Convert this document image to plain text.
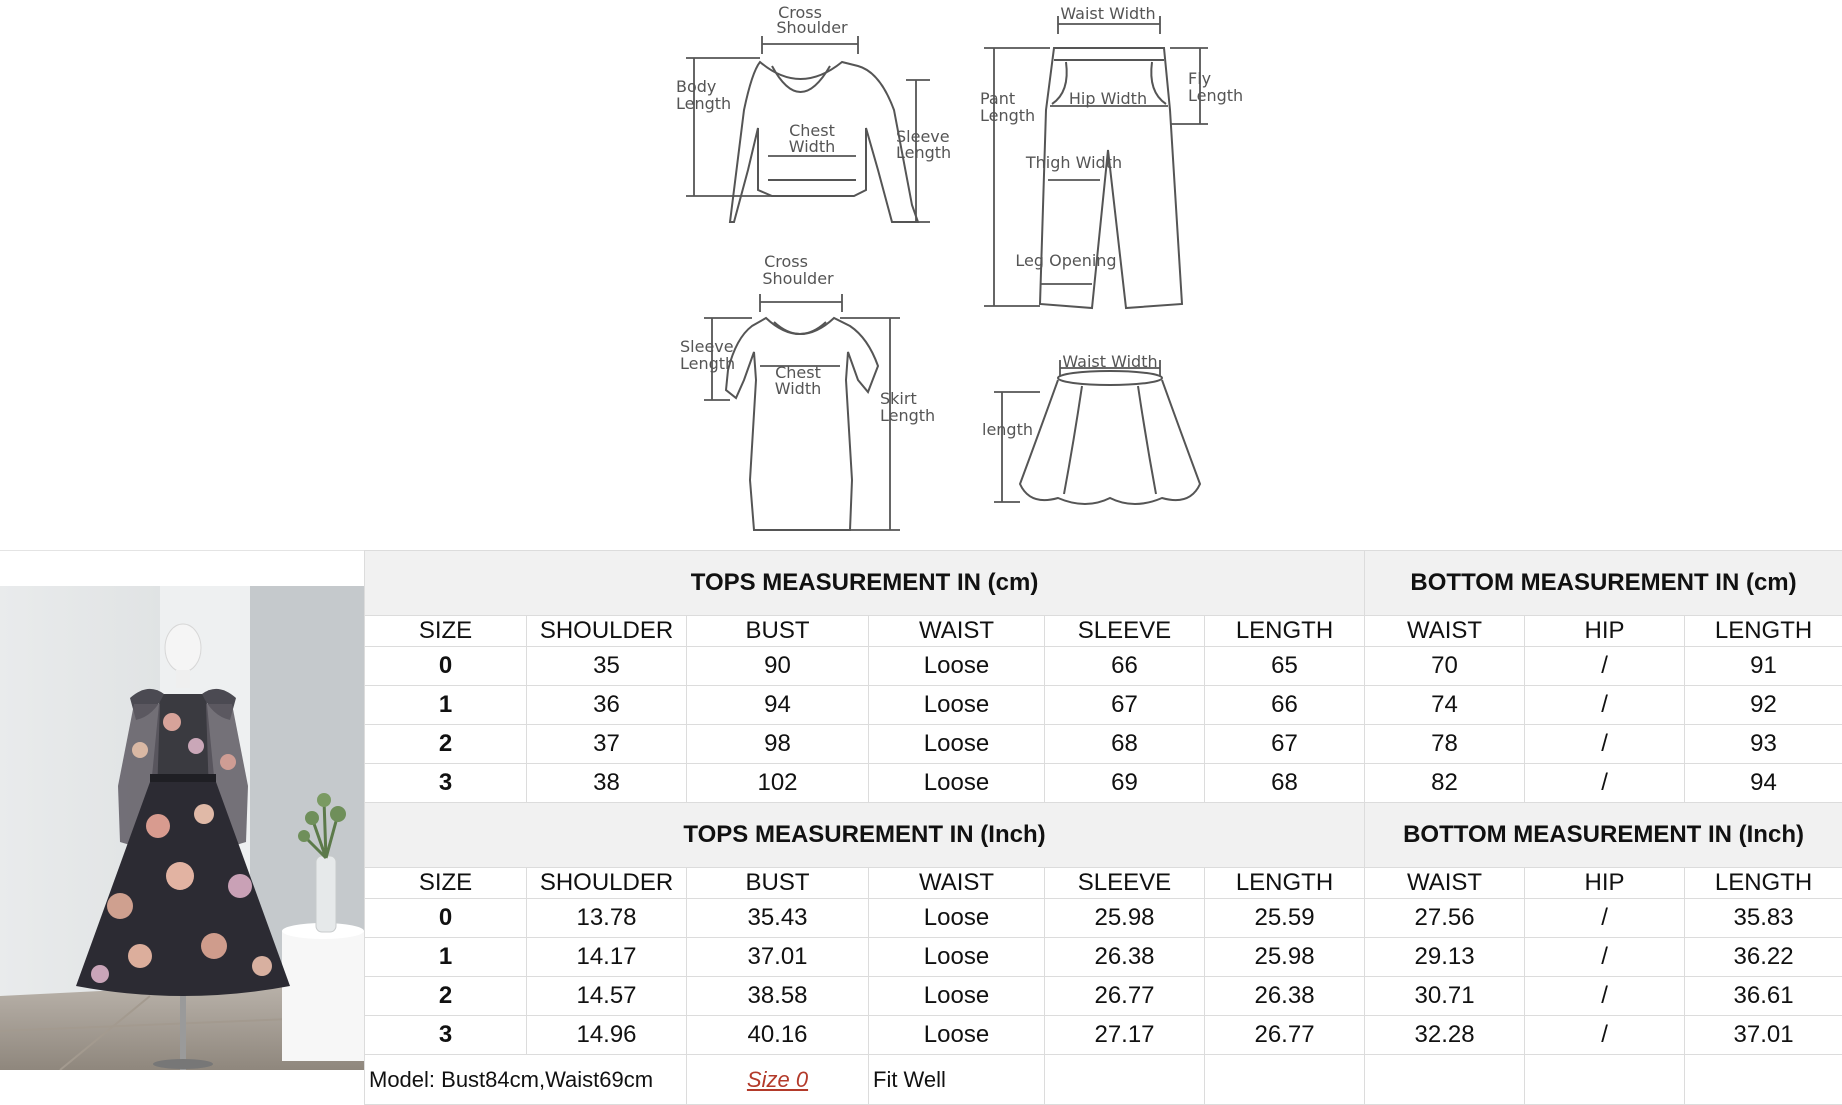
Cross
Shoulder
Body
Length
Chest
Width
Sleeve
Length
Waist Width
Pant
Length
Hip Width
Fly
Length
Thigh Width
Leg Opening
Cross
Shoulder
Sleeve
Length Chest
Width
Skirt
Length
Waist Width
length
TOPS MEASUREMENT IN (cm)						BOTTOM MEASUREMENT IN (cm)		
SIZE	SHOULDER	BUST	WAIST	SLEEVE	LENGTH	WAIST	HIP	LENGTH
0	35	90	Loose	66	65	70	/	91
1	36	94	Loose	67	66	74	/	92
2	37	98	Loose	68	67	78	/	93
3	38	102	Loose	69	68	82	/	94
TOPS MEASUREMENT IN (Inch)						BOTTOM MEASUREMENT IN (Inch)		
SIZE	SHOULDER	BUST	WAIST	SLEEVE	LENGTH	WAIST	HIP	LENGTH
0	13.78	35.43	Loose	25.98	25.59	27.56	/	35.83
1	14.17	37.01	Loose	26.38	25.98	29.13	/	36.22
2	14.57	38.58	Loose	26.77	26.38	30.71	/	36.61
3	14.96	40.16	Loose	27.17	26.77	32.28	/	37.01
Model: Bust84cm,Waist69cm		Size 0	Fit Well					
